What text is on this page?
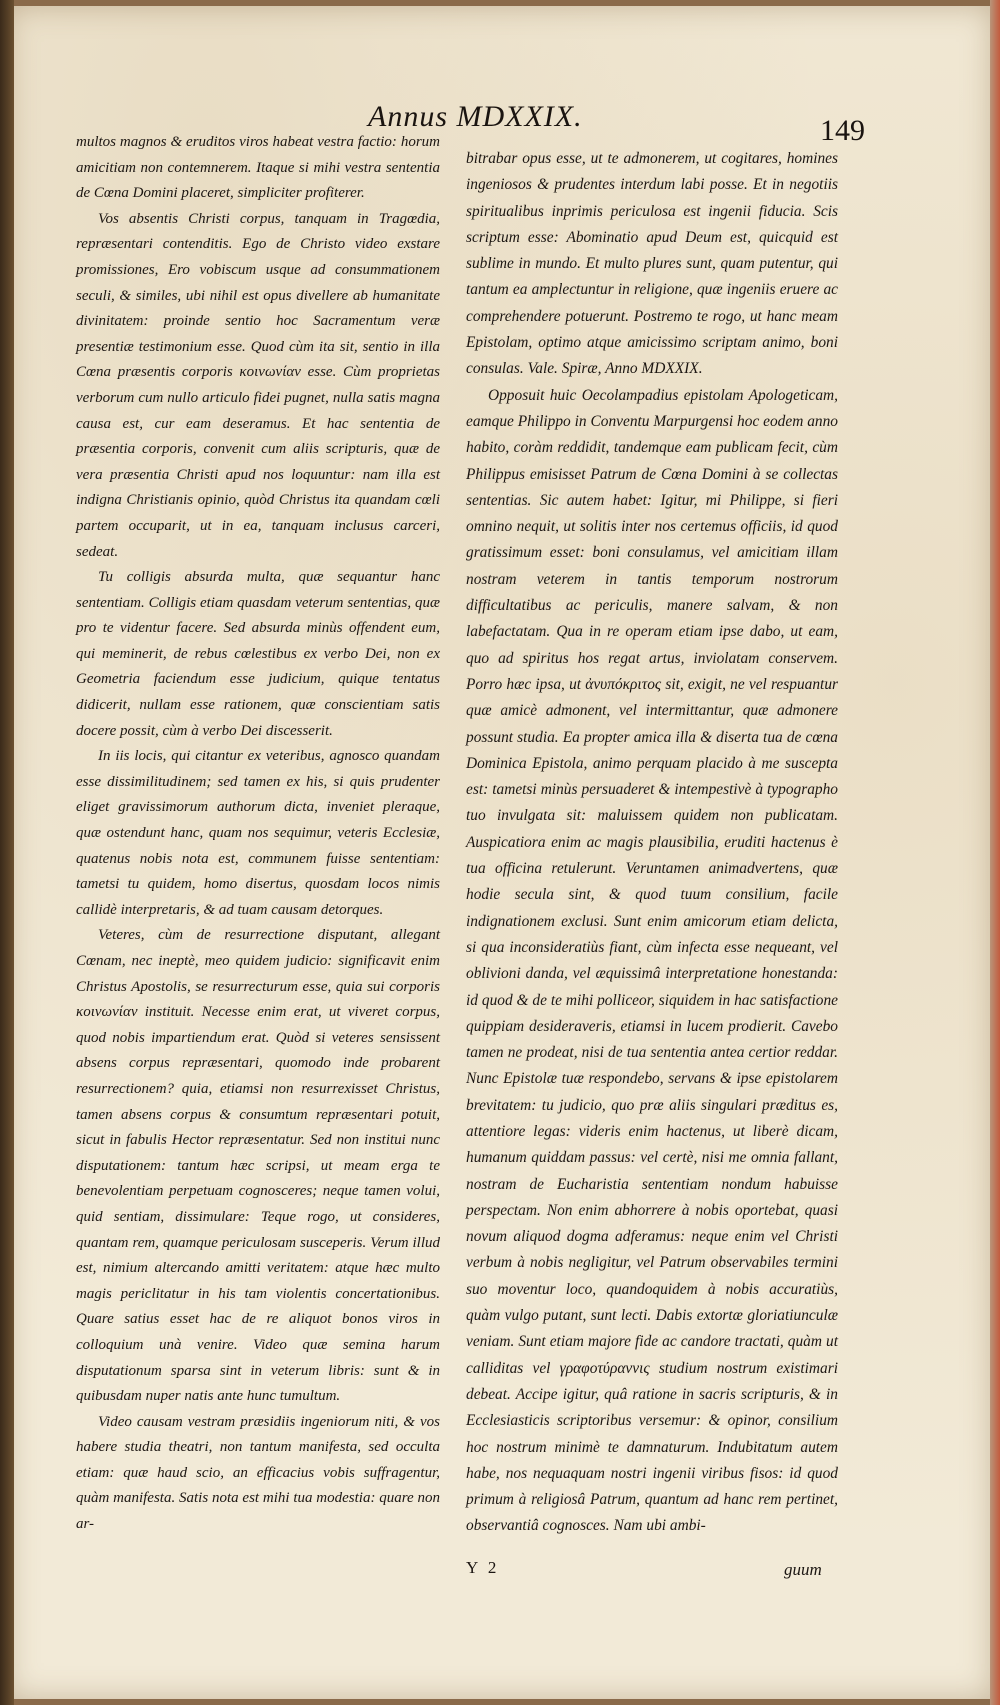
Annus MDXXIX.	149

multos magnos & eruditos viros habeat vestra factio: horum amicitiam non contemnerem. Itaque si mihi vestra sententia de Cœna Domini placeret, simpliciter profiterer.

Vos absentis Christi corpus, tanquam in Tragœdia, repræsentari contenditis. Ego de Christo video exstare promissiones, Ero vobiscum usque ad consummationem seculi, & similes, ubi nihil est opus divellere ab humanitate divinitatem: proinde sentio hoc Sacramentum veræ presentiæ testimonium esse. Quod cùm ita sit, sentio in illa Cœna præsentis corporis κοινωνίαν esse. Cùm proprietas verborum cum nullo articulo fidei pugnet, nulla satis magna causa est, cur eam deseramus. Et hac sententia de præsentia corporis, convenit cum aliis scripturis, quæ de vera præsentia Christi apud nos loquuntur: nam illa est indigna Christianis opinio, quòd Christus ita quandam cœli partem occuparit, ut in ea, tanquam inclusus carceri, sedeat.

Tu colligis absurda multa, quæ sequantur hanc sententiam. Colligis etiam quasdam veterum sententias, quæ pro te videntur facere. Sed absurda minùs offendent eum, qui meminerit, de rebus cœlestibus ex verbo Dei, non ex Geometria faciendum esse judicium, quique tentatus didicerit, nullam esse rationem, quæ conscientiam satis docere possit, cùm à verbo Dei discesserit.

In iis locis, qui citantur ex veteribus, agnosco quandam esse dissimilitudinem; sed tamen ex his, si quis prudenter eliget gravissimorum authorum dicta, inveniet pleraque, quæ ostendunt hanc, quam nos sequimur, veteris Ecclesiæ, quatenus nobis nota est, communem fuisse sententiam: tametsi tu quidem, homo disertus, quosdam locos nimis callidè interpretaris, & ad tuam causam detorques.

Veteres, cùm de resurrectione disputant, allegant Cœnam, nec ineptè, meo quidem judicio: significavit enim Christus Apostolis, se resurrecturum esse, quia sui corporis κοινωνίαν instituit. Necesse enim erat, ut viveret corpus, quod nobis impartiendum erat. Quòd si veteres sensissent absens corpus repræsentari, quomodo inde probarent resurrectionem? quia, etiamsi non resurrexisset Christus, tamen absens corpus & consumtum repræsentari potuit, sicut in fabulis Hector repræsentatur. Sed non institui nunc disputationem: tantum hæc scripsi, ut meam erga te benevolentiam perpetuam cognosceres; neque tamen volui, quid sentiam, dissimulare: Teque rogo, ut consideres, quantam rem, quamque periculosam susceperis. Verum illud est, nimium altercando amitti veritatem: atque hæc multo magis periclitatur in his tam violentis concertationibus. Quare satius esset hac de re aliquot bonos viros in colloquium unà venire. Video quæ semina harum disputationum sparsa sint in veterum libris: sunt & in quibusdam nuper natis ante hunc tumultum.

Video causam vestram præsidiis ingeniorum niti, & vos habere studia theatri, non tantum manifesta, sed occulta etiam: quæ haud scio, an efficacius vobis suffragentur, quàm manifesta. Satis nota est mihi tua modestia: quare non ar-

bitrabar opus esse, ut te admonerem, ut cogitares, homines ingeniosos & prudentes interdum labi posse. Et in negotiis spiritualibus inprimis periculosa est ingenii fiducia. Scis scriptum esse: Abominatio apud Deum est, quicquid est sublime in mundo. Et multo plures sunt, quam putentur, qui tantum ea amplectuntur in religione, quæ ingeniis eruere ac comprehendere potuerunt. Postremo te rogo, ut hanc meam Epistolam, optimo atque amicissimo scriptam animo, boni consulas. Vale. Spiræ, Anno MDXXIX.

Opposuit huic Oecolampadius epistolam Apologeticam, eamque Philippo in Conventu Marpurgensi hoc eodem anno habito, coràm reddidit, tandemque eam publicam fecit, cùm Philippus emisisset Patrum de Cœna Domini à se collectas sententias. Sic autem habet: Igitur, mi Philippe, si fieri omnino nequit, ut solitis inter nos certemus officiis, id quod gratissimum esset: boni consulamus, vel amicitiam illam nostram veterem in tantis temporum nostrorum difficultatibus ac periculis, manere salvam, & non labefactatam. Qua in re operam etiam ipse dabo, ut eam, quo ad spiritus hos regat artus, inviolatam conservem. Porro hæc ipsa, ut ἀνυπόκριτος sit, exigit, ne vel respuantur quæ amicè admonent, vel intermittantur, quæ admonere possunt studia. Ea propter amica illa & diserta tua de cœna Dominica Epistola, animo perquam placido à me suscepta est: tametsi minùs persuaderet & intempestivè à typographo tuo invulgata sit: maluissem quidem non publicatam. Auspicatiora enim ac magis plausibilia, eruditi hactenus è tua officina retulerunt. Veruntamen animadvertens, quæ hodie secula sint, & quod tuum consilium, facile indignationem exclusi. Sunt enim amicorum etiam delicta, si qua inconsideratiùs fiant, cùm infecta esse nequeant, vel oblivioni danda, vel æquissimâ interpretatione honestanda: id quod & de te mihi polliceor, siquidem in hac satisfactione quippiam desideraveris, etiamsi in lucem prodierit. Cavebo tamen ne prodeat, nisi de tua sententia antea certior reddar. Nunc Epistolæ tuæ respondebo, servans & ipse epistolarem brevitatem: tu judicio, quo præ aliis singulari præditus es, attentiore legas: videris enim hactenus, ut liberè dicam, humanum quiddam passus: vel certè, nisi me omnia fallant, nostram de Eucharistia sententiam nondum habuisse perspectam. Non enim abhorrere à nobis oportebat, quasi novum aliquod dogma adferamus: neque enim vel Christi verbum à nobis negligitur, vel Patrum observabiles termini suo moventur loco, quandoquidem à nobis accuratiùs, quàm vulgo putant, sunt lecti. Dabis extortæ gloriatiunculæ veniam. Sunt etiam majore fide ac candore tractati, quàm ut calliditas vel γραφοτύραννις studium nostrum existimari debeat. Accipe igitur, quâ ratione in sacris scripturis, & in Ecclesiasticis scriptoribus versemur: & opinor, consilium hoc nostrum minimè te damnaturum. Indubitatum autem habe, nos nequaquam nostri ingenii viribus fisos: id quod primum à religiosâ Patrum, quantum ad hanc rem pertinet, observantiâ cognosces. Nam ubi ambi-

Y 2	guum
